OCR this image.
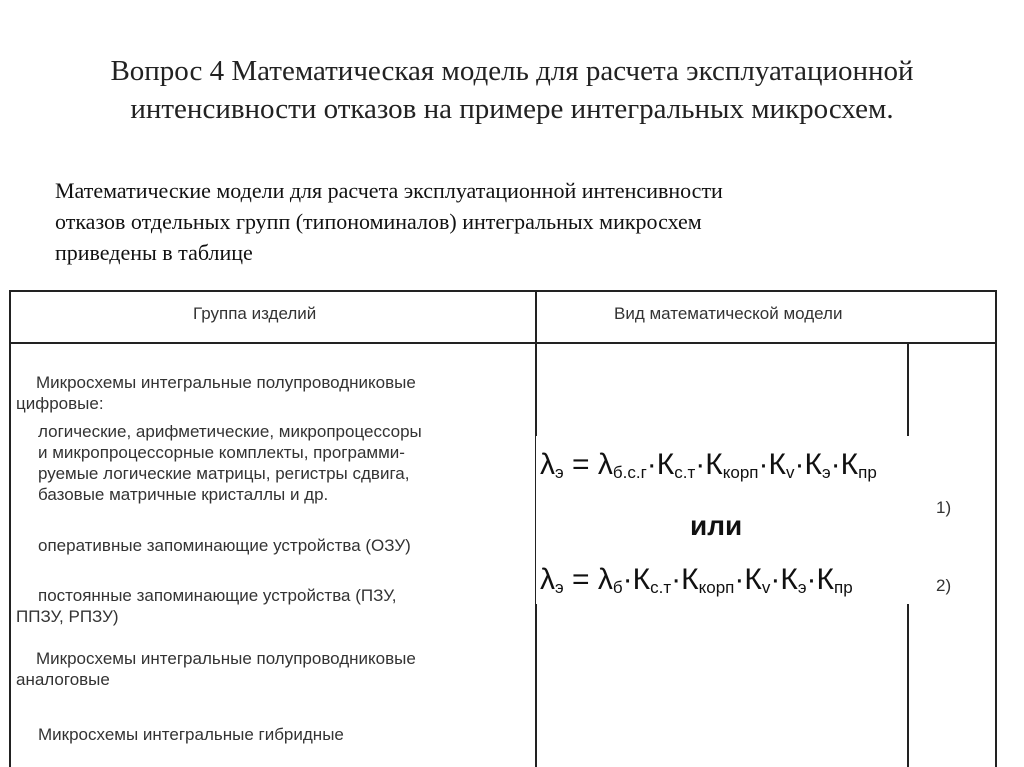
Вопрос 4 Математическая модель для расчета эксплуатационной
интенсивности отказов на примере интегральных микросхем.
Математические модели для расчета эксплуатационной интенсивности
отказов отдельных групп (типономиналов) интегральных микросхем
приведены в таблице
Группа изделий	Вид математической модели
Микросхемы интегральные полупроводниковые
цифровые:
логические, арифметические, микропроцессоры
и микропроцессорные комплекты, программи-
руемые логические матрицы, регистры сдвига,
базовые матричные кристаллы и др.
оперативные запоминающие устройства (ОЗУ)
постоянные запоминающие устройства (ПЗУ,
ППЗУ, РПЗУ)
Микросхемы интегральные полупроводниковые
аналоговые
Микросхемы интегральные гибридные
$\lambda_э = \lambda_{б.с.г}\cdot К_{с.т}\cdot К_{корп}\cdot К_v\cdot К_э\cdot К_{пр}$
или
$\lambda_э = \lambda_б\cdot К_{с.т}\cdot К_{корп}\cdot К_v\cdot К_э\cdot К_{пр}$
1)
2)
